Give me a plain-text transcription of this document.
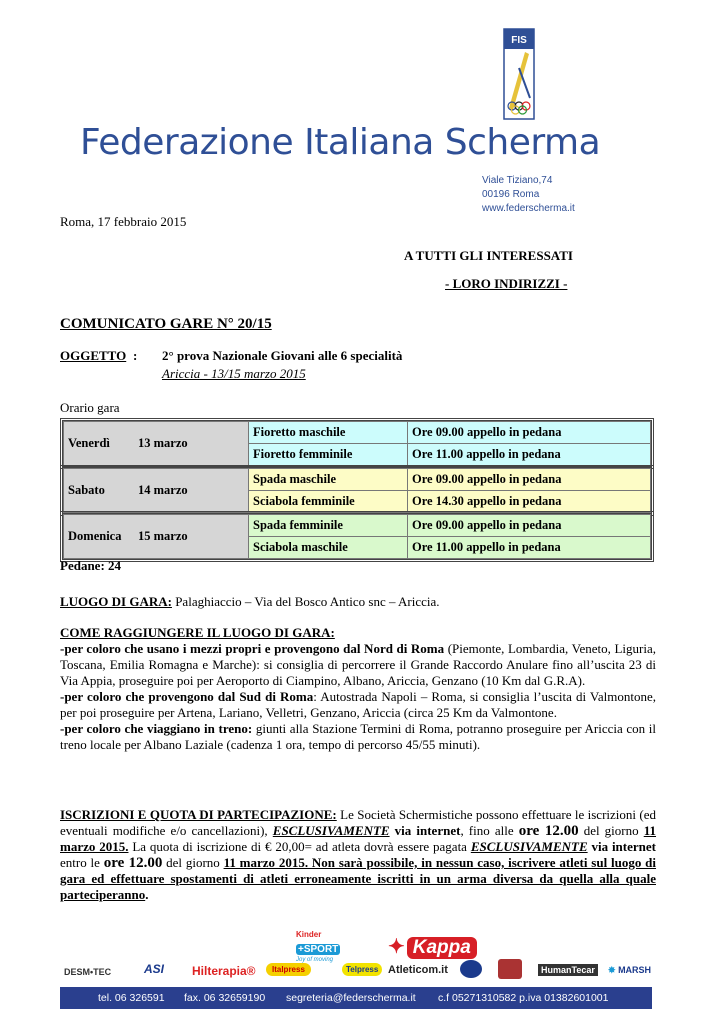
FIS
Federazione Italiana Scherma
Viale Tiziano,74
00196 Roma
www.federscherma.it
Roma, 17 febbraio 2015
A TUTTI GLI INTERESSATI
- LORO INDIRIZZI -
COMUNICATO GARE N° 20/15
OGGETTO : 2° prova Nazionale Giovani alle 6 specialità
Ariccia - 13/15 marzo 2015
Orario gara
Venerdì 13 marzo	Fioretto maschile	Ore 09.00 appello in pedana
	Fioretto femminile	Ore 11.00 appello in pedana
Sabato 14 marzo	Spada maschile	Ore 09.00 appello in pedana
	Sciabola femminile	Ore 14.30 appello in pedana
Domenica 15 marzo	Spada femminile	Ore 09.00 appello in pedana
	Sciabola maschile	Ore 11.00 appello in pedana
Pedane: 24
LUOGO DI GARA: Palaghiaccio – Via del Bosco Antico snc – Ariccia.
COME RAGGIUNGERE IL LUOGO DI GARA:
-per coloro che usano i mezzi propri e provengono dal Nord di Roma (Piemonte, Lombardia, Veneto, Liguria, Toscana, Emilia Romagna e Marche): si consiglia di percorrere il Grande Raccordo Anulare fino all’uscita 23 di Via Appia, proseguire poi per Aeroporto di Ciampino, Albano, Ariccia, Genzano (10 Km dal G.R.A).
-per coloro che provengono dal Sud di Roma: Autostrada Napoli – Roma, si consiglia l’uscita di Valmontone, per poi proseguire per Artena, Lariano, Velletri, Genzano, Ariccia (circa 25 Km da Valmontone.
-per coloro che viaggiano in treno: giunti alla Stazione Termini di Roma, potranno proseguire per Ariccia con il treno locale per Albano Laziale (cadenza 1 ora, tempo di percorso 45/55 minuti).
ISCRIZIONI E QUOTA DI PARTECIPAZIONE: Le Società Schermistiche possono effettuare le iscrizioni (ed eventuali modifiche e/o cancellazioni), ESCLUSIVAMENTE via internet, fino alle ore 12.00 del giorno 11 marzo 2015. La quota di iscrizione di € 20,00= ad atleta dovrà essere pagata ESCLUSIVAMENTE via internet entro le ore 12.00 del giorno 11 marzo 2015. Non sarà possibile, in nessun caso, iscrivere atleti sul luogo di gara ed effettuare spostamenti di atleti erroneamente iscritti in un arma diversa da quella alla quale parteciperanno.
Kinder
+SPORT
Joy of moving
✦ Kappa
DESM•TEC	ASI Hilterapia®	Italpress	Telpress Atleticom.it	HumanTecar	✸ MARSH
tel. 06 326591 fax. 06 32659190 segreteria@federscherma.it c.f 05271310582 p.iva 01382601001
